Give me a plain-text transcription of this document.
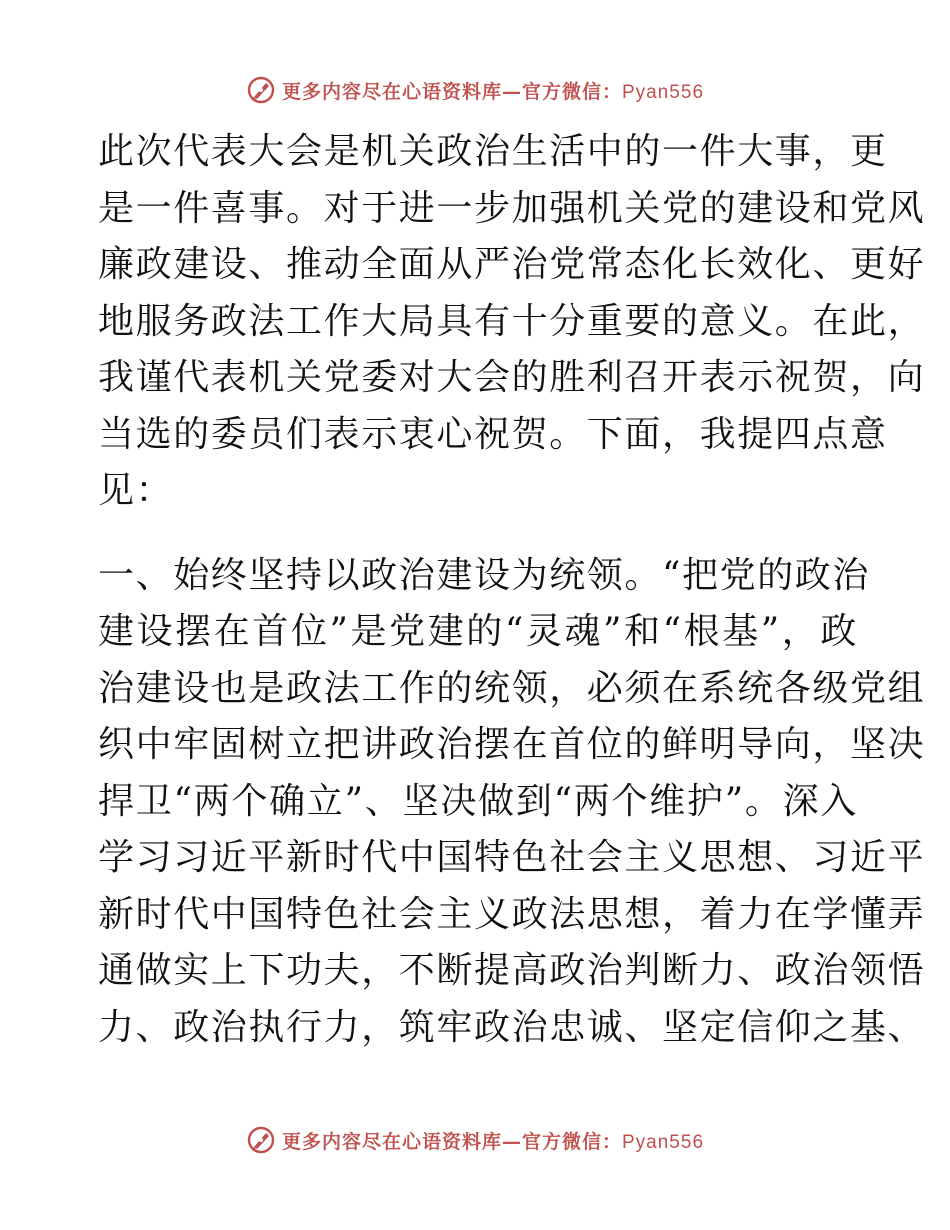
更多内容尽在心语资料库—官方微信：Pyan556
此次代表大会是机关政治生活中的一件大事，更
是一件喜事。对于进一步加强机关党的建设和党风
廉政建设、推动全面从严治党常态化长效化、更好
地服务政法工作大局具有十分重要的意义。在此，
我谨代表机关党委对大会的胜利召开表示祝贺，向
当选的委员们表示衷心祝贺。下面，我提四点意
见：
一、始终坚持以政治建设为统领。“把党的政治
建设摆在首位”是党建的“灵魂”和“根基”，政
治建设也是政法工作的统领，必须在系统各级党组
织中牢固树立把讲政治摆在首位的鲜明导向，坚决
捍卫“两个确立”、坚决做到“两个维护”。深入
学习习近平新时代中国特色社会主义思想、习近平
新时代中国特色社会主义政法思想，着力在学懂弄
通做实上下功夫，不断提高政治判断力、政治领悟
力、政治执行力，筑牢政治忠诚、坚定信仰之基、
更多内容尽在心语资料库—官方微信：Pyan556
